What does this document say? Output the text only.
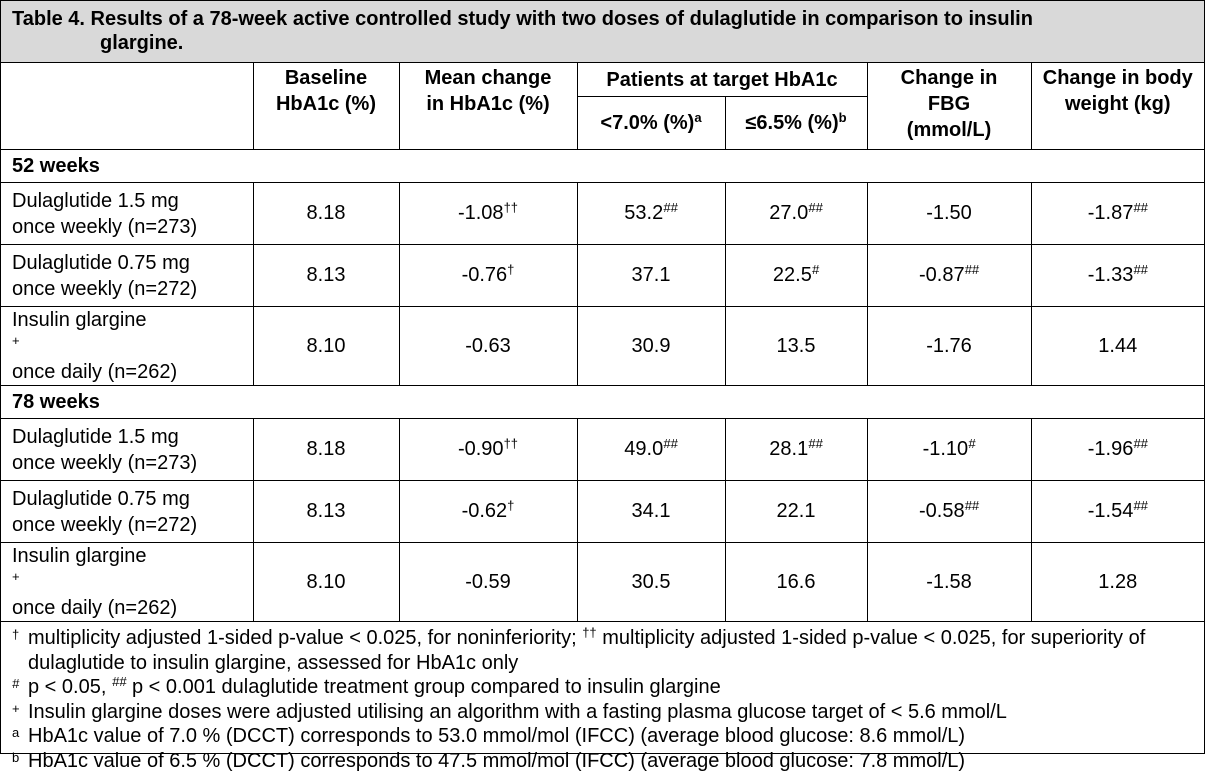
Table 4. Results of a 78-week active controlled study with two doses of dulaglutide in comparison to insulin
glargine.
	Baseline HbA1c (%)	Mean change in HbA1c (%)	Patients at target HbA1c		Change in FBG (mmol/L)	Change in body weight (kg)
			<7.0% (%)$^a$	≤6.5% (%)$^b$
52 weeks						

Dulaglutide 1.5 mg
once weekly (n=273)	8.18	-1.08††	53.2##	27.0##	-1.50	-1.87##

Dulaglutide 0.75 mg
once weekly (n=272)	8.13	-0.76†	37.1	22.5#	-0.87##	-1.33##

Insulin glargine
+
once daily (n=262)	8.10	-0.63	30.9	13.5	-1.76	1.44
78 weeks						

Dulaglutide 1.5 mg
once weekly (n=273)	8.18	-0.90††	49.0##	28.1##	-1.10#	-1.96##

Dulaglutide 0.75 mg
once weekly (n=272)	8.13	-0.62†	34.1	22.1	-0.58##	-1.54##

Insulin glargine
+
once daily (n=262)	8.10	-0.59	30.5	16.6	-1.58	1.28
† multiplicity adjusted 1-sided p-value < 0.025, for noninferiority; †† multiplicity adjusted 1-sided p-value < 0.025, for superiority of dulaglutide to insulin glargine, assessed for HbA1c only
# p < 0.05, ## p < 0.001 dulaglutide treatment group compared to insulin glargine
+ Insulin glargine doses were adjusted utilising an algorithm with a fasting plasma glucose target of < 5.6 mmol/L
a HbA1c value of 7.0 % (DCCT) corresponds to 53.0 mmol/mol (IFCC) (average blood glucose: 8.6 mmol/L)
b HbA1c value of 6.5 % (DCCT) corresponds to 47.5 mmol/mol (IFCC) (average blood glucose: 7.8 mmol/L)
